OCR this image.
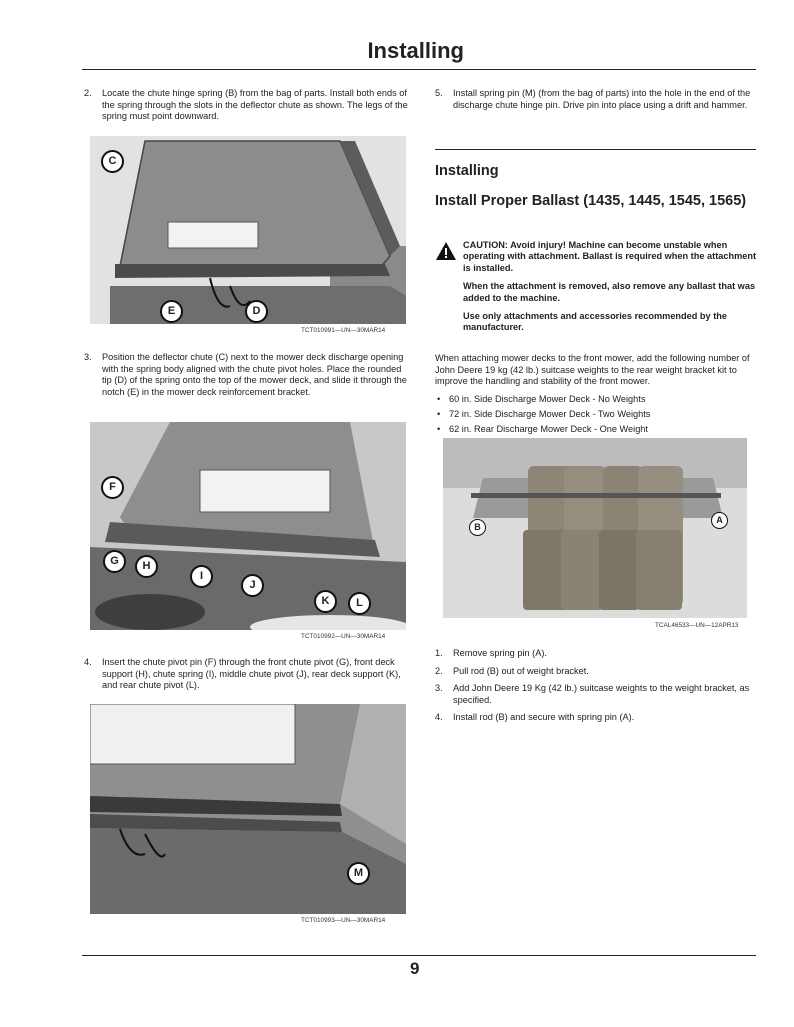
Installing
2. Locate the chute hinge spring (B) from the bag of parts. Install both ends of the spring through the slots in the deflector chute as shown. The legs of the spring must point downward.
C
E	D
TCT010991—UN—30MAR14
3. Position the deflector chute (C) next to the mower deck discharge opening with the spring body aligned with the chute pivot holes. Place the rounded tip (D) of the spring onto the top of the mower deck, and slide it through the notch (E) in the mower deck reinforcement bracket.
F
G	H
I
J
K	L
TCT010992—UN—30MAR14
4. Insert the chute pivot pin (F) through the front chute pivot (G), front deck support (H), chute spring (I), middle chute pivot (J), rear deck support (K), and rear chute pivot (L).
M
TCT010993—UN—30MAR14
5. Install spring pin (M) (from the bag of parts) into the hole in the end of the discharge chute hinge pin. Drive pin into place using a drift and hammer.
Installing
Install Proper Ballast (1435, 1445, 1545, 1565)

CAUTION: Avoid injury! Machine can become unstable when operating with attachment. Ballast is required when the attachment is installed.

When the attachment is removed, also remove any ballast that was added to the machine.

Use only attachments and accessories recommended by the manufacturer.

When attaching mower decks to the front mower, add the following number of John Deere 19 kg (42 lb.) suitcase weights to the rear weight bracket kit to improve the handling and stability of the front mower.
• 60 in. Side Discharge Mower Deck - No Weights
• 72 in. Side Discharge Mower Deck - Two Weights
• 62 in. Rear Discharge Mower Deck - One Weight
B
A
TCAL46533—UN—12APR13
1. Remove spring pin (A).
2. Pull rod (B) out of weight bracket.
3. Add John Deere 19 Kg (42 lb.) suitcase weights to the weight bracket, as specified.
4. Install rod (B) and secure with spring pin (A).
9
